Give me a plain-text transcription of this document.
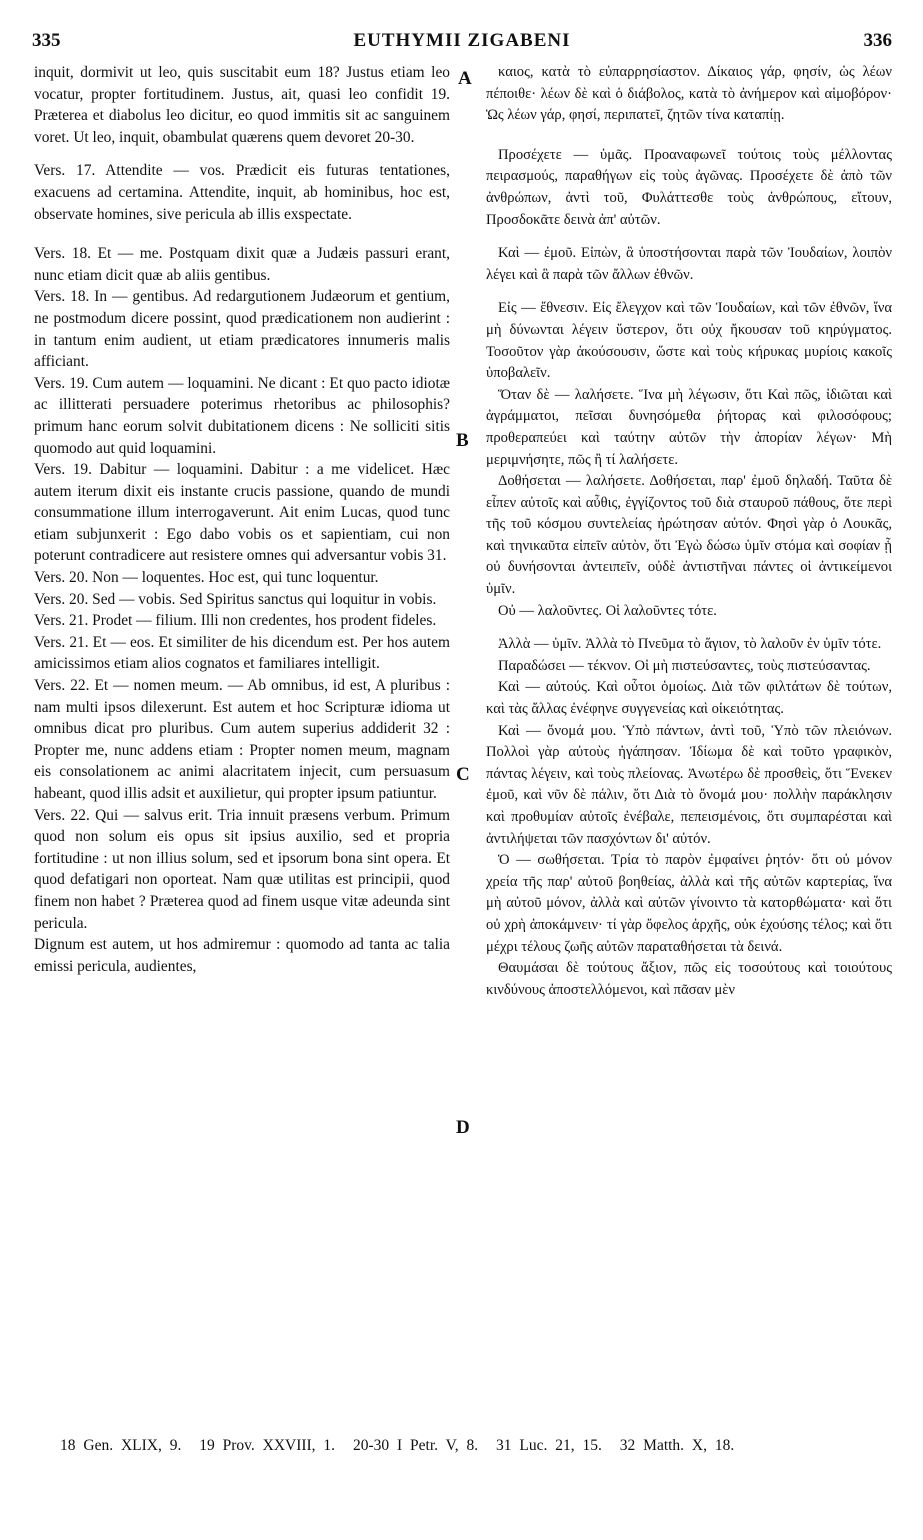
335	EUTHYMII ZIGABENI	336

inquit, dormivit ut leo, quis suscitabit eum 18? Justus etiam leo vocatur, propter fortitudinem. Justus, ait, quasi leo confidit 19. Præterea et diabolus leo dicitur, eo quod immitis sit ac sanguinem voret. Ut leo, inquit, obambulat quærens quem devoret 20-30.

Vers. 17. Attendite — vos. Prædicit eis futuras tentationes, exacuens ad certamina. Attendite, inquit, ab hominibus, hoc est, observate homines, sive pericula ab illis exspectate.

Vers. 18. Et — me. Postquam dixit quæ a Judæis passuri erant, nunc etiam dicit quæ ab aliis gentibus.

Vers. 18. In — gentibus. Ad redargutionem Judæorum et gentium, ne postmodum dicere possint, quod prædicationem non audierint : in tantum enim audient, ut etiam prædicatores innumeris malis afficiant.

Vers. 19. Cum autem — loquamini. Ne dicant : Et quo pacto idiotæ ac illitterati persuadere poterimus rhetoribus ac philosophis? primum hanc eorum solvit dubitationem dicens : Ne solliciti sitis quomodo aut quid loquamini.

Vers. 19. Dabitur — loquamini. Dabitur : a me videlicet. Hæc autem iterum dixit eis instante crucis passione, quando de mundi consummatione illum interrogaverunt. Ait enim Lucas, quod tunc etiam subjunxerit : Ego dabo vobis os et sapientiam, cui non poterunt contradicere aut resistere omnes qui adversantur vobis 31.

Vers. 20. Non — loquentes. Hoc est, qui tunc loquentur.

Vers. 20. Sed — vobis. Sed Spiritus sanctus qui loquitur in vobis.

Vers. 21. Prodet — filium. Illi non credentes, hos prodent fideles.

Vers. 21. Et — eos. Et similiter de his dicendum est. Per hos autem amicissimos etiam alios cognatos et familiares intelligit.

Vers. 22. Et — nomen meum. — Ab omnibus, id est, A pluribus : nam multi ipsos dilexerunt. Est autem et hoc Scripturæ idioma ut omnibus dicat pro pluribus. Cum autem superius addiderit 32 : Propter me, nunc addens etiam : Propter nomen meum, magnam eis consolationem ac animi alacritatem injecit, cum persuasum habeant, quod illis adsit et auxilietur, qui propter ipsum patiuntur.

Vers. 22. Qui — salvus erit. Tria innuit præsens verbum. Primum quod non solum eis opus sit ipsius auxilio, sed et propria fortitudine : ut non illius solum, sed et ipsorum bona sint opera. Et quod defatigari non oporteat. Nam quæ utilitas est principii, quod finem non habet ? Præterea quod ad finem usque vitæ adeunda sint pericula.

Dignum est autem, ut hos admiremur : quomodo ad tanta ac talia emissi pericula, audientes,

καιος, κατὰ τὸ εὐπαρρησίαστον. Δίκαιος γάρ, φησίν, ὡς λέων πέποιθε· λέων δὲ καὶ ὁ διάβολος, κατὰ τὸ ἀνήμερον καὶ αἱμοβόρον· Ὡς λέων γάρ, φησί, περιπατεῖ, ζητῶν τίνα καταπίῃ.

Προσέχετε — ὑμᾶς. Προαναφωνεῖ τούτοις τοὺς μέλλοντας πειρασμούς, παραθήγων εἰς τοὺς ἀγῶνας. Προσέχετε δὲ ἀπὸ τῶν ἀνθρώπων, ἀντὶ τοῦ, Φυλάττεσθε τοὺς ἀνθρώπους, εἴτουν, Προσδοκᾶτε δεινὰ ἀπ' αὐτῶν.

Καὶ — ἐμοῦ. Εἰπὼν, ἃ ὑποστήσονται παρὰ τῶν Ἰουδαίων, λοιπὸν λέγει καὶ ἃ παρὰ τῶν ἄλλων ἐθνῶν.

Εἰς — ἔθνεσιν. Εἰς ἔλεγχον καὶ τῶν Ἰουδαίων, καὶ τῶν ἐθνῶν, ἵνα μὴ δύνωνται λέγειν ὕστερον, ὅτι οὐχ ἤκουσαν τοῦ κηρύγματος. Τοσοῦτον γὰρ ἀκούσουσιν, ὥστε καὶ τοὺς κήρυκας μυρίοις κακοῖς ὑποβαλεῖν.

Ὅταν δὲ — λαλήσετε. Ἵνα μὴ λέγωσιν, ὅτι Καὶ πῶς, ἰδιῶται καὶ ἀγράμματοι, πεῖσαι δυνησόμεθα ῥήτορας καὶ φιλοσόφους; προθεραπεύει καὶ ταύτην αὐτῶν τὴν ἀπορίαν λέγων· Μὴ μεριμνήσητε, πῶς ἢ τί λαλήσετε.

Δοθήσεται — λαλήσετε. Δοθήσεται, παρ' ἐμοῦ δηλαδή. Ταῦτα δὲ εἶπεν αὐτοῖς καὶ αὖθις, ἐγγίζοντος τοῦ διὰ σταυροῦ πάθους, ὅτε περὶ τῆς τοῦ κόσμου συντελείας ἠρώτησαν αὐτόν. Φησὶ γὰρ ὁ Λουκᾶς, καὶ τηνικαῦτα εἰπεῖν αὐτὸν, ὅτι Ἐγὼ δώσω ὑμῖν στόμα καὶ σοφίαν ᾗ οὐ δυνήσονται ἀντειπεῖν, οὐδὲ ἀντιστῆναι πάντες οἱ ἀντικείμενοι ὑμῖν.

Οὐ — λαλοῦντες. Οἱ λαλοῦντες τότε.

Ἀλλὰ — ὑμῖν. Ἀλλὰ τὸ Πνεῦμα τὸ ἅγιον, τὸ λαλοῦν ἐν ὑμῖν τότε.

Παραδώσει — τέκνον. Οἱ μὴ πιστεύσαντες, τοὺς πιστεύσαντας.

Καὶ — αὐτούς. Καὶ οὗτοι ὁμοίως. Διὰ τῶν φιλτάτων δὲ τούτων, καὶ τὰς ἄλλας ἐνέφηνε συγγενείας καὶ οἰκειότητας.

Καὶ — ὄνομά μου. Ὑπὸ πάντων, ἀντὶ τοῦ, Ὑπὸ τῶν πλειόνων. Πολλοὶ γὰρ αὐτοὺς ἠγάπησαν. Ἰδίωμα δὲ καὶ τοῦτο γραφικὸν, πάντας λέγειν, καὶ τοὺς πλείονας. Ἀνωτέρω δὲ προσθεὶς, ὅτι Ἕνεκεν ἐμοῦ, καὶ νῦν δὲ πάλιν, ὅτι Διὰ τὸ ὄνομά μου· πολλὴν παράκλησιν καὶ προθυμίαν αὐτοῖς ἐνέβαλε, πεπεισμένοις, ὅτι συμπαρέσται καὶ ἀντιλήψεται τῶν πασχόντων δι' αὐτόν.

Ὁ — σωθήσεται. Τρία τὸ παρὸν ἐμφαίνει ῥητόν· ὅτι οὐ μόνον χρεία τῆς παρ' αὐτοῦ βοηθείας, ἀλλὰ καὶ τῆς αὐτῶν καρτερίας, ἵνα μὴ αὐτοῦ μόνον, ἀλλὰ καὶ αὐτῶν γίνοιντο τὰ κατορθώματα· καὶ ὅτι οὐ χρὴ ἀποκάμνειν· τί γὰρ ὄφελος ἀρχῆς, οὐκ ἐχούσης τέλος; καὶ ὅτι μέχρι τέλους ζωῆς αὐτῶν παραταθήσεται τὰ δεινά.

Θαυμάσαι δὲ τούτους ἄξιον, πῶς εἰς τοσούτους καὶ τοιούτους κινδύνους ἀποστελλόμενοι, καὶ πᾶσαν μὲν

A
B
C
D
18 Gen. XLIX, 9. 19 Prov. XXVIII, 1. 20-30 I Petr. V, 8. 31 Luc. 21, 15. 32 Matth. X, 18.
